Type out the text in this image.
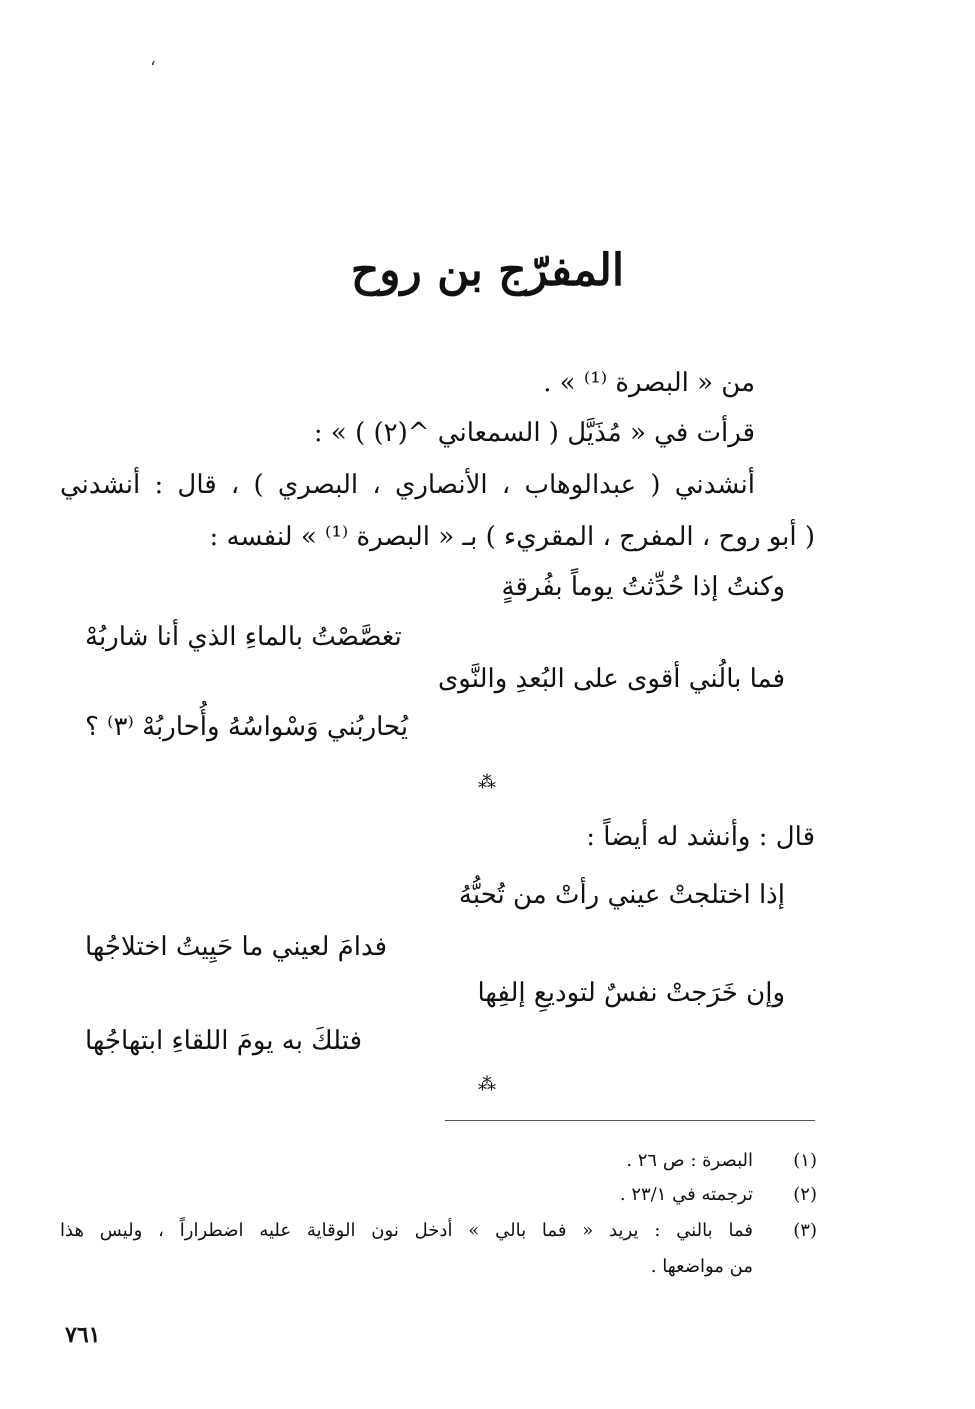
ʻ
المفرّج بن روح
من « البصرة ⁽¹⁾ » .
قرأت في « مُذَيَّل ( السمعاني ^(٢) ) » :
أنشدني ( عبدالوهاب ، الأنصاري ، البصري ) ، قال : أنشدني
( أبو روح ، المفرج ، المقريء ) بـ « البصرة ⁽¹⁾ » لنفسه :
وكنتُ إذا حُدِّثتُ يوماً بفُرقةٍ
تغصَّصْتُ بالماءِ الذي أنا شاربُهْ
فما بالُني أقوى على البُعدِ والنَّوى
يُحاربُني وَسْواسُهُ وأُحاربُهْ ⁽٣⁾ ؟
⁂
قال : وأنشد له أيضاً :
إذا اختلجتْ عيني رأتْ من تُحبُّهُ
فدامَ لعيني ما حَيِيتُ اختلاجُها
وإن خَرَجتْ نفسٌ لتوديعِ إلفِها
فتلكَ به يومَ اللقاءِ ابتهاجُها
⁂
(١)
البصرة : ص ٢٦ .
(٢)
ترجمته في ٢٣/١ .
(٣)
فما بالني : يريد « فما بالي » أدخل نون الوقاية عليه اضطراراً ، وليس هذا
من مواضعها .
٧٦١
